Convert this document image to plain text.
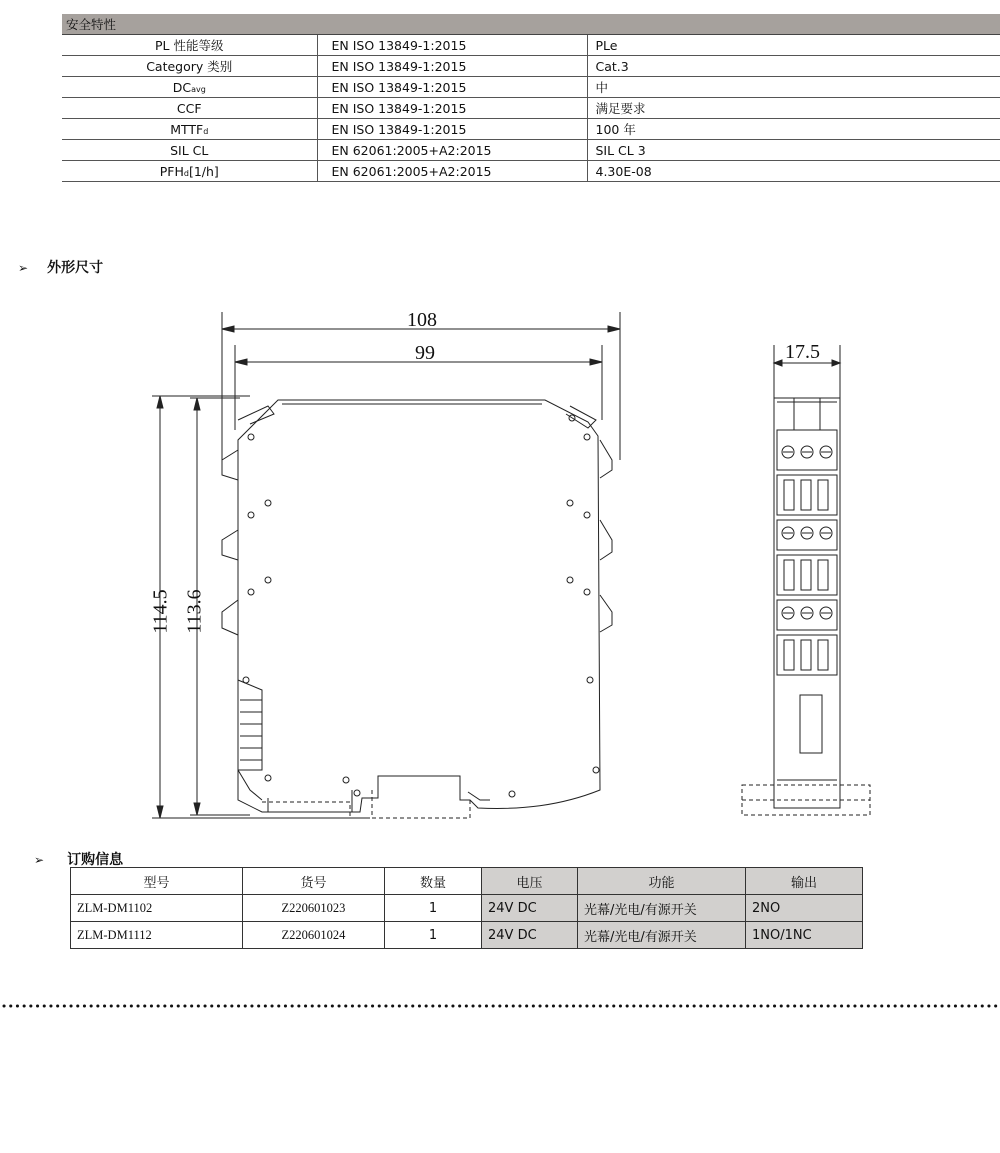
安全特性		
PL 性能等级	EN ISO 13849-1:2015	PLe
Category 类别	EN ISO 13849-1:2015	Cat.3
DCavg	EN ISO 13849-1:2015	中
CCF	EN ISO 13849-1:2015	满足要求
MTTFd	EN ISO 13849-1:2015	100 年
SIL CL	EN 62061:2005+A2:2015	SIL CL 3
PFHd[1/h]	EN 62061:2005+A2:2015	4.30E-08
➢ 外形尺寸
108
99
114.5 113.6
17.5
➢ 订购信息
型号	货号	数量	电压	功能	输出
ZLM-DM1102	Z220601023	1	24V DC	光幕/光电/有源开关	2NO
ZLM-DM1112	Z220601024	1	24V DC	光幕/光电/有源开关	1NO/1NC
